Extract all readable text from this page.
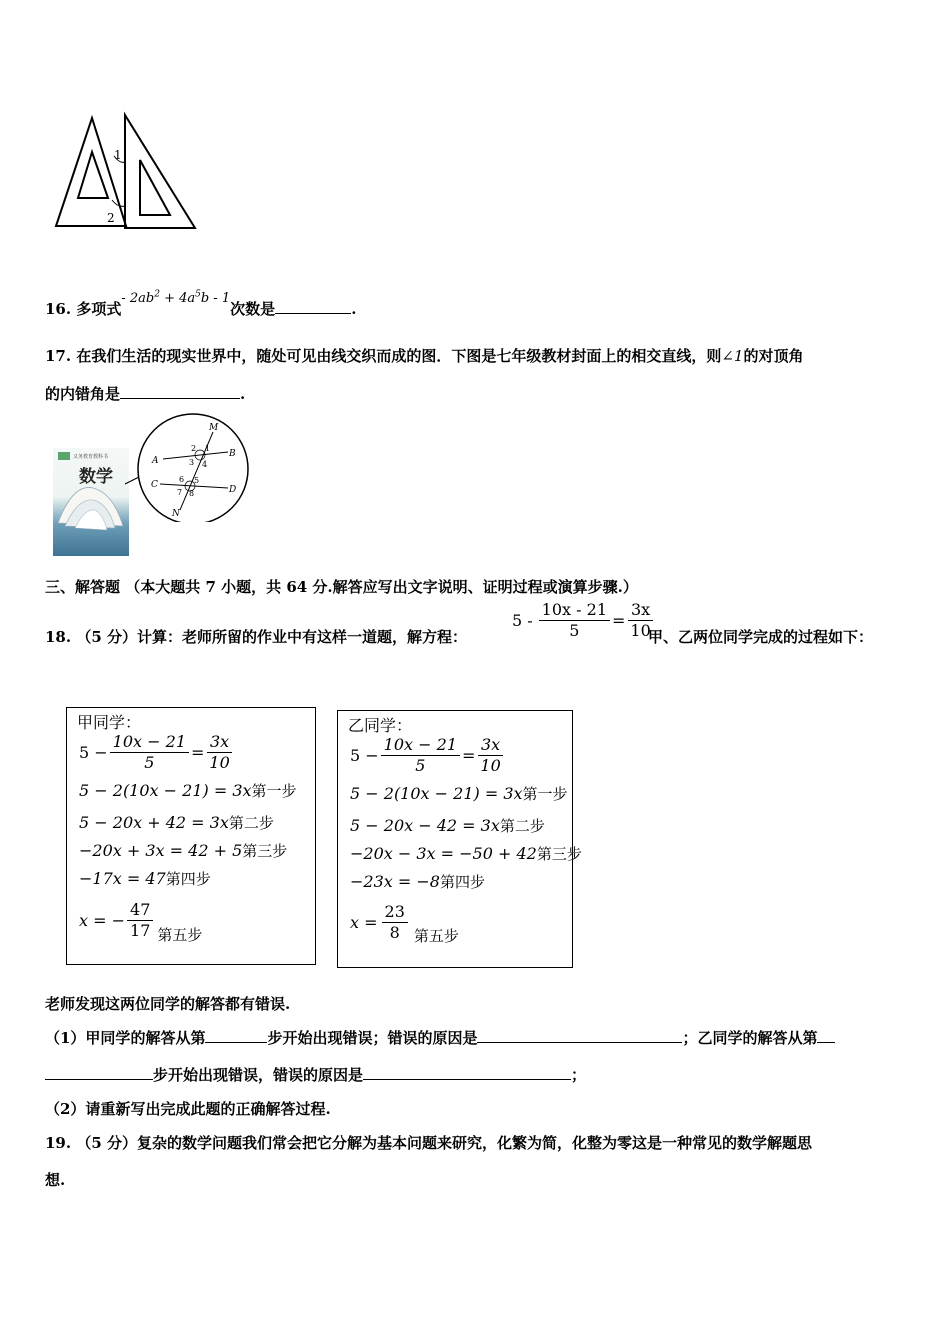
1
2
16. 多项式- $2ab^2 + 4a^5b - 1$次数是	.
17. 在我们生活的现实世界中，随处可见由线交织而成的图．下图是七年级教材封面上的相交直线，则∠1的对顶角
的内错角是	.
义务教育教科书
数学
M
N
A
B
C	D
2 1
3 4
6 5
7 8
三、解答题 （本大题共 7 小题，共 64 分.解答应写出文字说明、证明过程或演算步骤.）
18. （5 分）计算：老师所留的作业中有这样一道题，解方程：
$5 - \frac{10x - 21}{5} = \frac{3x}{10}$
甲、乙两位同学完成的过程如下：
甲同学：
$5 - \frac{10x - 21}{5} = \frac{3x}{10}$
5 − 2(10x − 21) = 3x第一步
5 − 20x + 42 = 3x第二步
−20x + 3x = 42 + 5第三步
−17x = 47第四步
x = − $\frac{47}{17}$ 第五步
乙同学：
$5 - \frac{10x - 21}{5} = \frac{3x}{10}$
5 − 2(10x − 21) = 3x第一步
5 − 20x − 42 = 3x第二步
−20x − 3x = −50 + 42第三步
−23x = −8第四步
$x = \frac{23}{8}$ 第五步
老师发现这两位同学的解答都有错误.
（1）甲同学的解答从第	步开始出现错误；错误的原因是	；乙同学的解答从第
步开始出现错误，错误的原因是	；
（2）请重新写出完成此题的正确解答过程.
19. （5 分）复杂的数学问题我们常会把它分解为基本问题来研究，化繁为简，化整为零这是一种常见的数学解题思
想.
